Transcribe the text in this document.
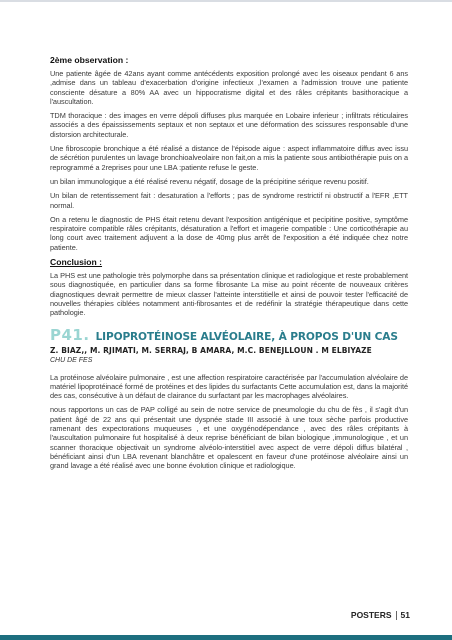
2ème observation :

Une patiente âgée de 42ans ayant comme antécédents exposition prolongé avec les oiseaux pendant 6 ans ,admise dans un tableau d'exacerbation d'origine infectieux ,l'examen a l'admission trouve une patiente consciente désature a 80% AA avec un hippocratisme digital et des râles crépitants basithoracique a l'auscultation.

TDM thoracique : des images en verre dépoli diffuses plus marquée en Lobaire inferieur ; infiltrats réticulaires associés a des épaississements septaux et non septaux et une déformation des scissures responsable d'une distorsion architecturale.

Une fibroscopie bronchique a été réalisé a distance de l'épisode aigue : aspect inflammatoire diffus avec issu de sécrétion purulentes un lavage bronchioalveolaire non fait,on a mis la patiente sous antibiothérapie puis on a reprogrammé a 2reprises pour une LBA :patiente refuse le geste.

un bilan immunologique a été réalisé revenu négatif, dosage de la précipitine sérique revenu positif.

Un bilan de retentissement fait : desaturation a l'efforts ; pas de syndrome restrictif ni obstructif a l'EFR ,ETT normal.

On a retenu le diagnostic de PHS était retenu devant l'exposition antigénique et pecipitine positive, symptôme respiratoire compatible râles crépitants, désaturation a l'effort et imagerie compatible : Une corticothérapie au long court avec traitement adjuvent a la dose de 40mg plus arrêt de l'exposition a été indiquée chez notre patiente.

Conclusion :

La PHS est une pathologie très polymorphe dans sa présentation clinique et radiologique et reste probablement sous diagnostiquée, en particulier dans sa forme fibrosante La mise au point récente de nouveaux critères diagnostiques devrait permettre de mieux classer l'atteinte interstitielle et ainsi de pouvoir tester l'efficacité de nouvelles thérapies ciblées notamment anti-fibrosantes et de redéfinir la stratégie thérapeutique dans cette pathologie.

P41. LIPOPROTÉINOSE ALVÉOLAIRE, À PROPOS D'UN CAS
Z. BIAZ,, M. RJIMATI, M. SERRAJ, B AMARA, M.C. BENEJLLOUN . M ELBIYAZE
CHU DE FES

La protéinose alvéolaire pulmonaire , est une affection respiratoire caractérisée par l'accumulation alvéolaire de matériel lipoprotéinacé formé de protéines et des lipides du surfactants Cette accumulation est, dans la majorité des cas, consécutive à un défaut de clairance du surfactant par les macrophages alvéolaires.

nous rapportons un cas de PAP colligé au sein de notre service de pneumologie du chu de fès , il s'agit d'un patient âgé de 22 ans qui présentait une dyspnée stade III associé à une toux sèche parfois productive ramenant des expectorations muqueuses , et une oxygénodépendance , avec des râles crépitants à l'auscultation pulmonaire fut hospitalisé à deux reprise bénéficiant de bilan biologique ,immunologique , et un scanner thoracique objectivait un syndrome alvéolo-interstitiel avec aspect de verre dépoli diffus bilatéral , bénéficiant ainsi d'un LBA revenant blanchâtre et opalescent en faveur d'une protéinose alvéolaire ainsi un grand lavage a été réalisé avec une bonne évolution clinique et radiologique.

POSTERS 51
